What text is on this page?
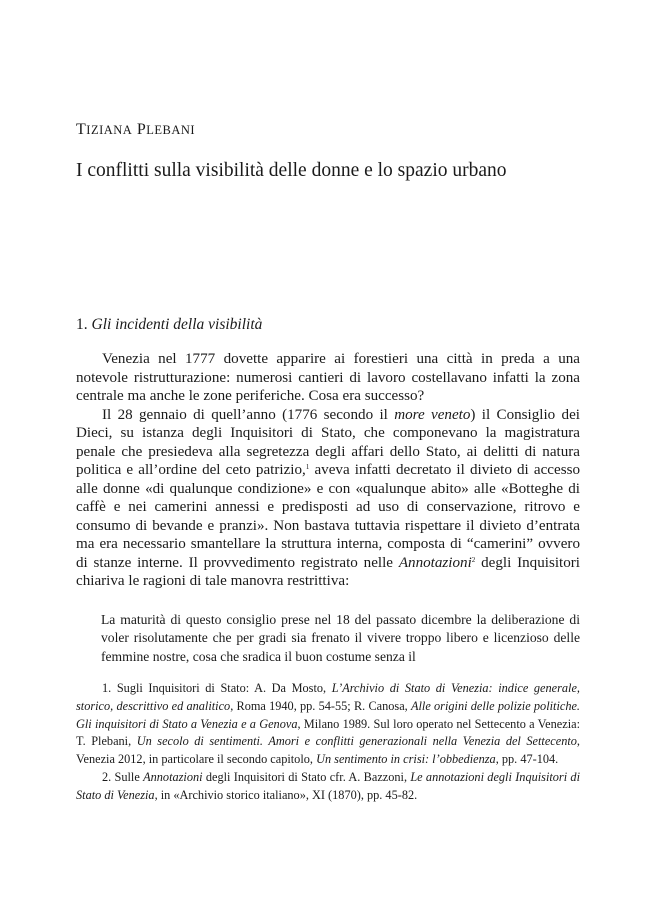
TIZIANA PLEBANI
I conflitti sulla visibilità delle donne e lo spazio urbano
1. Gli incidenti della visibilità

Venezia nel 1777 dovette apparire ai forestieri una città in preda a una notevole ristrutturazione: numerosi cantieri di lavoro costellavano infatti la zona centrale ma anche le zone periferiche. Cosa era successo?

Il 28 gennaio di quell’anno (1776 secondo il more veneto) il Consiglio dei Dieci, su istanza degli Inquisitori di Stato, che componevano la magistratura penale che presiedeva alla segretezza degli affari dello Stato, ai delitti di natura politica e all’ordine del ceto patrizio,$^1$ aveva infatti decretato il divieto di accesso alle donne «di qualunque condizione» e con «qualunque abito» alle «Botteghe di caffè e nei camerini annessi e predisposti ad uso di conservazione, ritrovo e consumo di bevande e pranzi». Non bastava tuttavia rispettare il divieto d’entrata ma era necessario smantellare la struttura interna, composta di “camerini” ovvero di stanze interne. Il provvedimento registrato nelle Annotazioni$^2$ degli Inquisitori chiariva le ragioni di tale manovra restrittiva:

La maturità di questo consiglio prese nel 18 del passato dicembre la deliberazione di voler risolutamente che per gradi sia frenato il vivere troppo libero e licenzioso delle femmine nostre, cosa che sradica il buon costume senza il

1. Sugli Inquisitori di Stato: A. Da Mosto, L’Archivio di Stato di Venezia: indice generale, storico, descrittivo ed analitico, Roma 1940, pp. 54-55; R. Canosa, Alle origini delle polizie politiche. Gli inquisitori di Stato a Venezia e a Genova, Milano 1989. Sul loro operato nel Settecento a Venezia: T. Plebani, Un secolo di sentimenti. Amori e conflitti generazionali nella Venezia del Settecento, Venezia 2012, in particolare il secondo capitolo, Un sentimento in crisi: l’obbedienza, pp. 47-104.

2. Sulle Annotazioni degli Inquisitori di Stato cfr. A. Bazzoni, Le annotazioni degli Inquisitori di Stato di Venezia, in «Archivio storico italiano», XI (1870), pp. 45-82.
